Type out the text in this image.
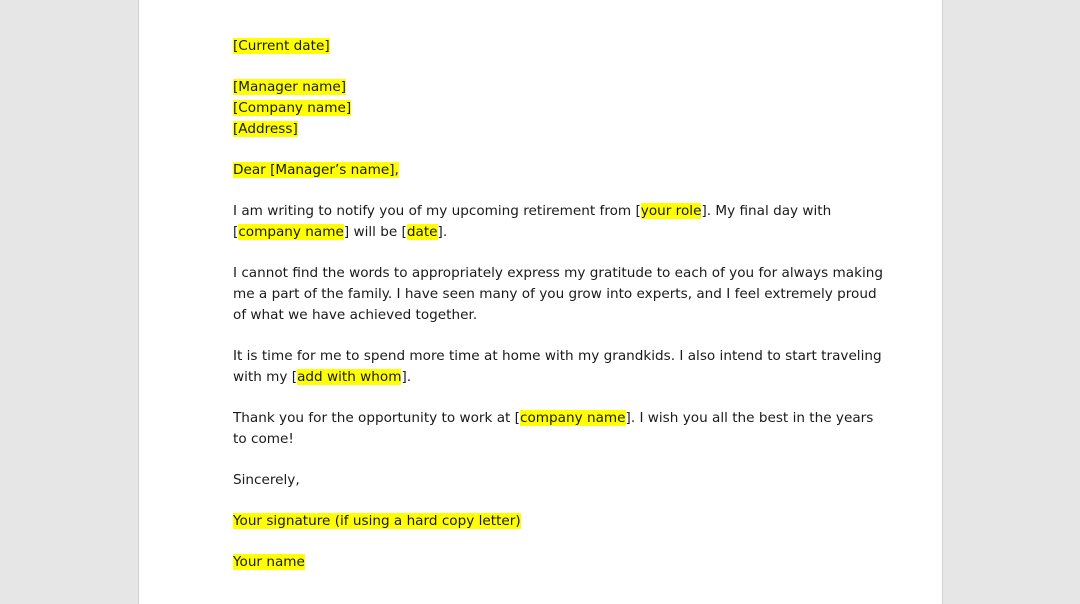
[Current date]
[Manager name]
[Company name]
[Address]
Dear [Manager’s name],
I am writing to notify you of my upcoming retirement from [your role]. My final day with
[company name] will be [date].
I cannot find the words to appropriately express my gratitude to each of you for always making
me a part of the family. I have seen many of you grow into experts, and I feel extremely proud
of what we have achieved together.
It is time for me to spend more time at home with my grandkids. I also intend to start traveling
with my [add with whom].
Thank you for the opportunity to work at [company name]. I wish you all the best in the years
to come!
Sincerely,
Your signature (if using a hard copy letter)
Your name
